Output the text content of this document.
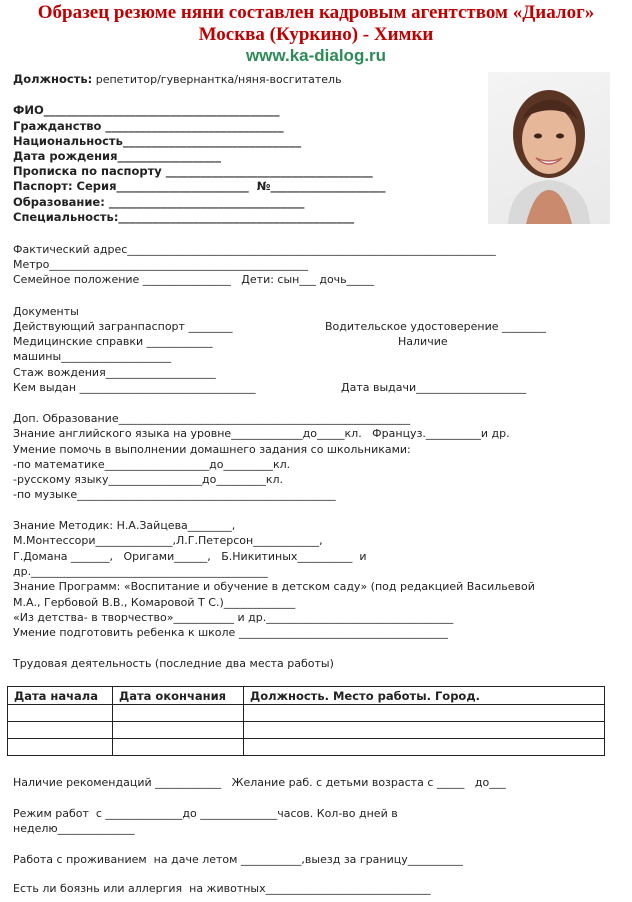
Образец резюме няни составлен кадровым агентством «Диалог»
Москва (Куркино) - Химки
www.ka-dialog.ru
Должность: репетитор/гувернантка/няня-восгитатель
ФИО_________________________________________
Гражданство _______________________________
Национальность_______________________________
Дата рождения__________________
Прописка по паспорту ____________________________________
Паспорт: Серия_______________________  №____________________
Образование: __________________________________
Специальность:_________________________________________
Фактический адрес___________________________________________________________________
Метро_______________________________________________
Семейное положение ________________   Дети: сын___ дочь_____
Документы
Действующий загранпаспорт ________	Водительское удостоверение ________
Медицинские справки ____________	Наличие
машины____________________
Стаж вождения____________________
Кем выдан ________________________________	Дата выдачи____________________
Доп. Образование_____________________________________________________
Знание английского языка на уровне_____________до_____кл.   Француз.__________и др.
Умение помочь в выполнении домашнего задания со школьниками:
-по математике___________________до_________кл.
-русскому языку_________________до_________кл.
-по музыке_______________________________________________
Знание Методик: Н.А.Зайцева________,
М.Монтессори______________,Л.Г.Петерсон____________,
Г.Домана _______,   Оригами______,   Б.Никитиных__________  и
др.___________________________________________
Знание Программ: «Воспитание и обучение в детском саду» (под редакцией Васильевой
М.А., Гербовой В.В., Комаровой Т С.)_____________
«Из детства- в творчество»___________ и др.__________________________________
Умение подготовить ребенка к школе ______________________________________
Трудовая деятельность (последние два места работы)
Дата начала	Дата окончания	Должность. Место работы. Город.

Наличие рекомендаций ____________   Желание раб. с детьми возраста с _____   до___
Режим работ  с ______________до ______________часов. Кол-во дней в
неделю______________
Работа с проживанием  на даче летом ___________,выезд за границу__________
Есть ли боязнь или аллергия  на животных______________________________
